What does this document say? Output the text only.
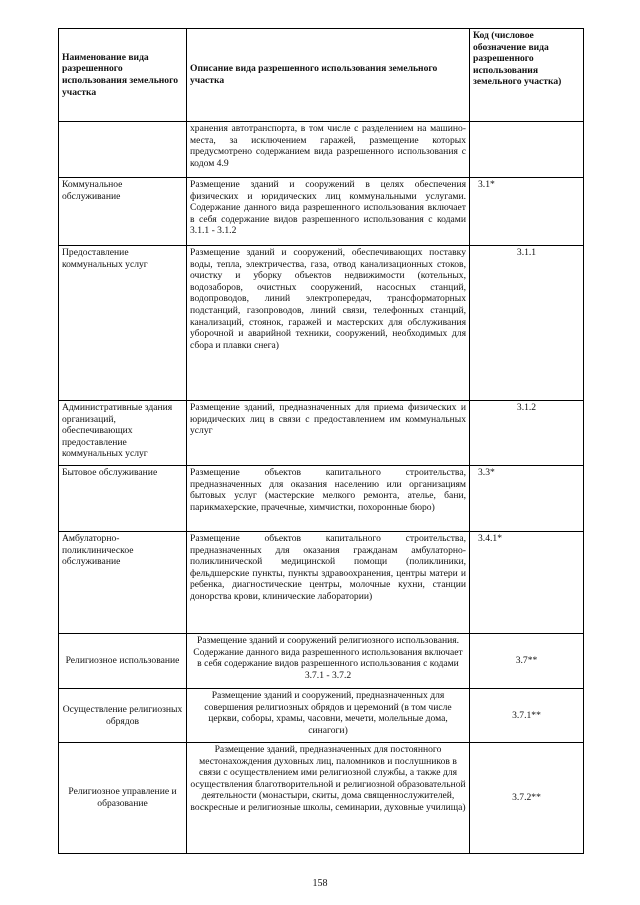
Наименование вида разрешенного использования земельного участка	Описание вида разрешенного использования земельного участка	Код (числовое обозначение вида разрешенного использования земельного участка)
	хранения автотранспорта, в том числе с разделением на машино-места, за исключением гаражей, размещение которых предусмотрено содержанием вида разрешенного использования с кодом 4.9	
Коммунальное обслуживание	Размещение зданий и сооружений в целях обеспечения физических и юридических лиц коммунальными услугами. Содержание данного вида разрешенного использования включает в себя содержание видов разрешенного использования с кодами 3.1.1 - 3.1.2	3.1*
Предоставление коммунальных услуг	Размещение зданий и сооружений, обеспечивающих поставку воды, тепла, электричества, газа, отвод канализационных стоков, очистку и уборку объектов недвижимости (котельных, водозаборов, очистных сооружений, насосных станций, водопроводов, линий электропередач, трансформаторных подстанций, газопроводов, линий связи, телефонных станций, канализаций, стоянок, гаражей и мастерских для обслуживания уборочной и аварийной техники, сооружений, необходимых для сбора и плавки снега)	3.1.1
Административные здания организаций, обеспечивающих предоставление коммунальных услуг	Размещение зданий, предназначенных для приема физических и юридических лиц в связи с предоставлением им коммунальных услуг	3.1.2
Бытовое обслуживание	Размещение объектов капитального строительства, предназначенных для оказания населению или организациям бытовых услуг (мастерские мелкого ремонта, ателье, бани, парикмахерские, прачечные, химчистки, похоронные бюро)	3.3*
Амбулаторно-поликлиническое обслуживание	Размещение объектов капитального строительства, предназначенных для оказания гражданам амбулаторно-поликлинической медицинской помощи (поликлиники, фельдшерские пункты, пункты здравоохранения, центры матери и ребенка, диагностические центры, молочные кухни, станции донорства крови, клинические лаборатории)	3.4.1*
Религиозное использование	Размещение зданий и сооружений религиозного использования. Содержание данного вида разрешенного использования включает в себя содержание видов разрешенного использования с кодами 3.7.1 - 3.7.2	3.7**
Осуществление религиозных обрядов	Размещение зданий и сооружений, предназначенных для совершения религиозных обрядов и церемоний (в том числе церкви, соборы, храмы, часовни, мечети, молельные дома, синагоги)	3.7.1**
Религиозное управление и образование	Размещение зданий, предназначенных для постоянного местонахождения духовных лиц, паломников и послушников в связи с осуществлением ими религиозной службы, а также для осуществления благотворительной и религиозной образовательной деятельности (монастыри, скиты, дома священнослужителей, воскресные и религиозные школы, семинарии, духовные училища)	3.7.2**
158
